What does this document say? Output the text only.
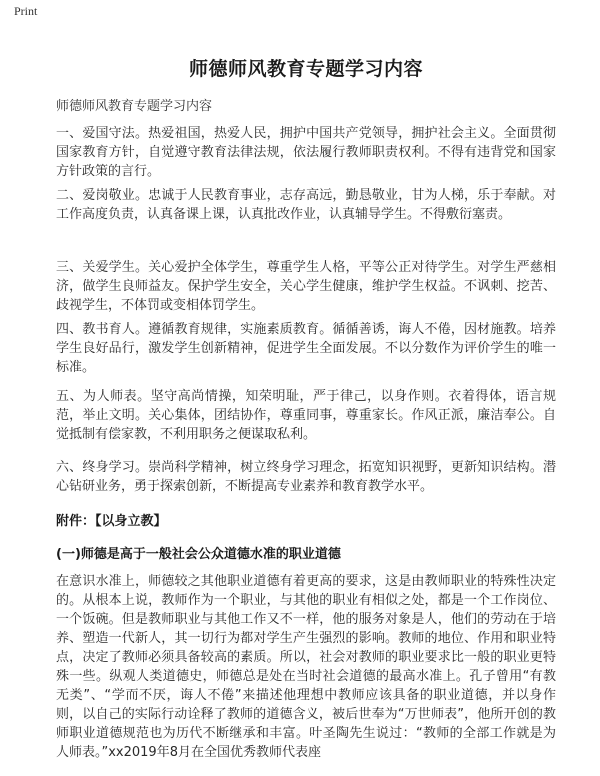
Print
师德师风教育专题学习内容
师德师风教育专题学习内容
一、爱国守法。热爱祖国，热爱人民，拥护中国共产党领导，拥护社会主义。全面贯彻国家教育方针，自觉遵守教育法律法规，依法履行教师职责权利。不得有违背党和国家方针政策的言行。
二、爱岗敬业。忠诚于人民教育事业，志存高远，勤恳敬业，甘为人梯，乐于奉献。对工作高度负责，认真备课上课，认真批改作业，认真辅导学生。不得敷衍塞责。
三、关爱学生。关心爱护全体学生，尊重学生人格，平等公正对待学生。对学生严慈相济，做学生良师益友。保护学生安全，关心学生健康，维护学生权益。不讽刺、挖苦、歧视学生，不体罚或变相体罚学生。
四、教书育人。遵循教育规律，实施素质教育。循循善诱，诲人不倦，因材施教。培养学生良好品行，激发学生创新精神，促进学生全面发展。不以分数作为评价学生的唯一标准。
五、为人师表。坚守高尚情操，知荣明耻，严于律己，以身作则。衣着得体，语言规范，举止文明。关心集体，团结协作，尊重同事，尊重家长。作风正派，廉洁奉公。自觉抵制有偿家教，不利用职务之便谋取私利。
六、终身学习。崇尚科学精神，树立终身学习理念，拓宽知识视野，更新知识结构。潜心钻研业务，勇于探索创新，不断提高专业素养和教育教学水平。
附件：【以身立教】
(一)师德是高于一般社会公众道德水准的职业道德
在意识水准上，师德较之其他职业道德有着更高的要求，这是由教师职业的特殊性决定的。从根本上说，教师作为一个职业，与其他的职业有相似之处，都是一个工作岗位、一个饭碗。但是教师职业与其他工作又不一样，他的服务对象是人，他们的劳动在于培养、塑造一代新人，其一切行为都对学生产生强烈的影响。教师的地位、作用和职业特点，决定了教师必须具备较高的素质。所以，社会对教师的职业要求比一般的职业更特殊一些。纵观人类道德史，师德总是处在当时社会道德的最高水准上。孔子曾用“有教无类”、“学而不厌，诲人不倦”来描述他理想中教师应该具备的职业道德，并以身作则，以自己的实际行动诠释了教师的道德含义，被后世奉为“万世师表”，他所开创的教师职业道德规范也为历代不断继承和丰富。叶圣陶先生说过：“教师的全部工作就是为人师表。”xx2019年8月在全国优秀教师代表座
